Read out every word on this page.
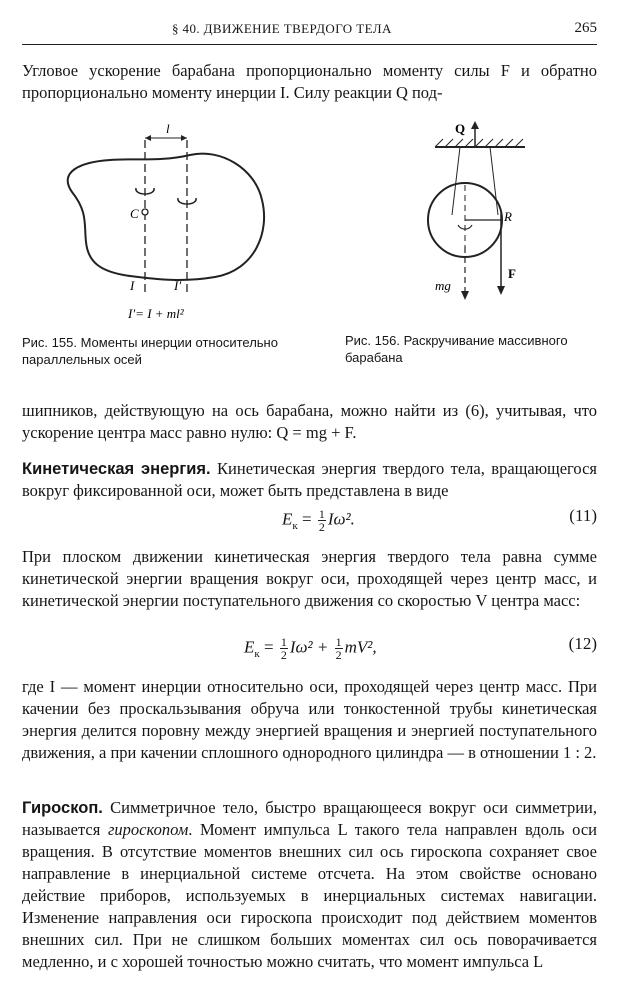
§ 40. ДВИЖЕНИЕ ТВЕРДОГО ТЕЛА	265

Угловое ускорение барабана пропорционально моменту силы F и обратно пропорционально моменту инерции I. Силу реакции Q под-

l
C
I	I′
I′= I + ml²
Рис. 155. Моменты инерции относительно параллельных осей
Q
R
mg
F
Рис. 156. Раскручивание массивного барабана

шипников, действующую на ось барабана, можно найти из (6), учитывая, что ускорение центра масс равно нулю: Q = mg + F.

Кинетическая энергия. Кинетическая энергия твердого тела, вращающегося вокруг фиксированной оси, может быть представлена в виде

$E_к = \frac{1}{2} I\omega^2$.	(11)

При плоском движении кинетическая энергия твердого тела равна сумме кинетической энергии вращения вокруг оси, проходящей через центр масс, и кинетической энергии поступательного движения со скоростью V центра масс:

$E_к = \frac{1}{2} I\omega^2 + \frac{1}{2} mV^2$,	(12)

где I — момент инерции относительно оси, проходящей через центр масс. При качении без проскальзывания обруча или тонкостенной трубы кинетическая энергия делится поровну между энергией вращения и энергией поступательного движения, а при качении сплошного однородного цилиндра — в отношении 1 : 2.

Гироскоп. Симметричное тело, быстро вращающееся вокруг оси симметрии, называется гироскопом. Момент импульса L такого тела направлен вдоль оси вращения. В отсутствие моментов внешних сил ось гироскопа сохраняет свое направление в инерциальной системе отсчета. На этом свойстве основано действие приборов, используемых в инерциальных системах навигации. Изменение направления оси гироскопа происходит под действием моментов внешних сил. При не слишком больших моментах сил ось поворачивается медленно, и с хорошей точностью можно считать, что момент импульса L
